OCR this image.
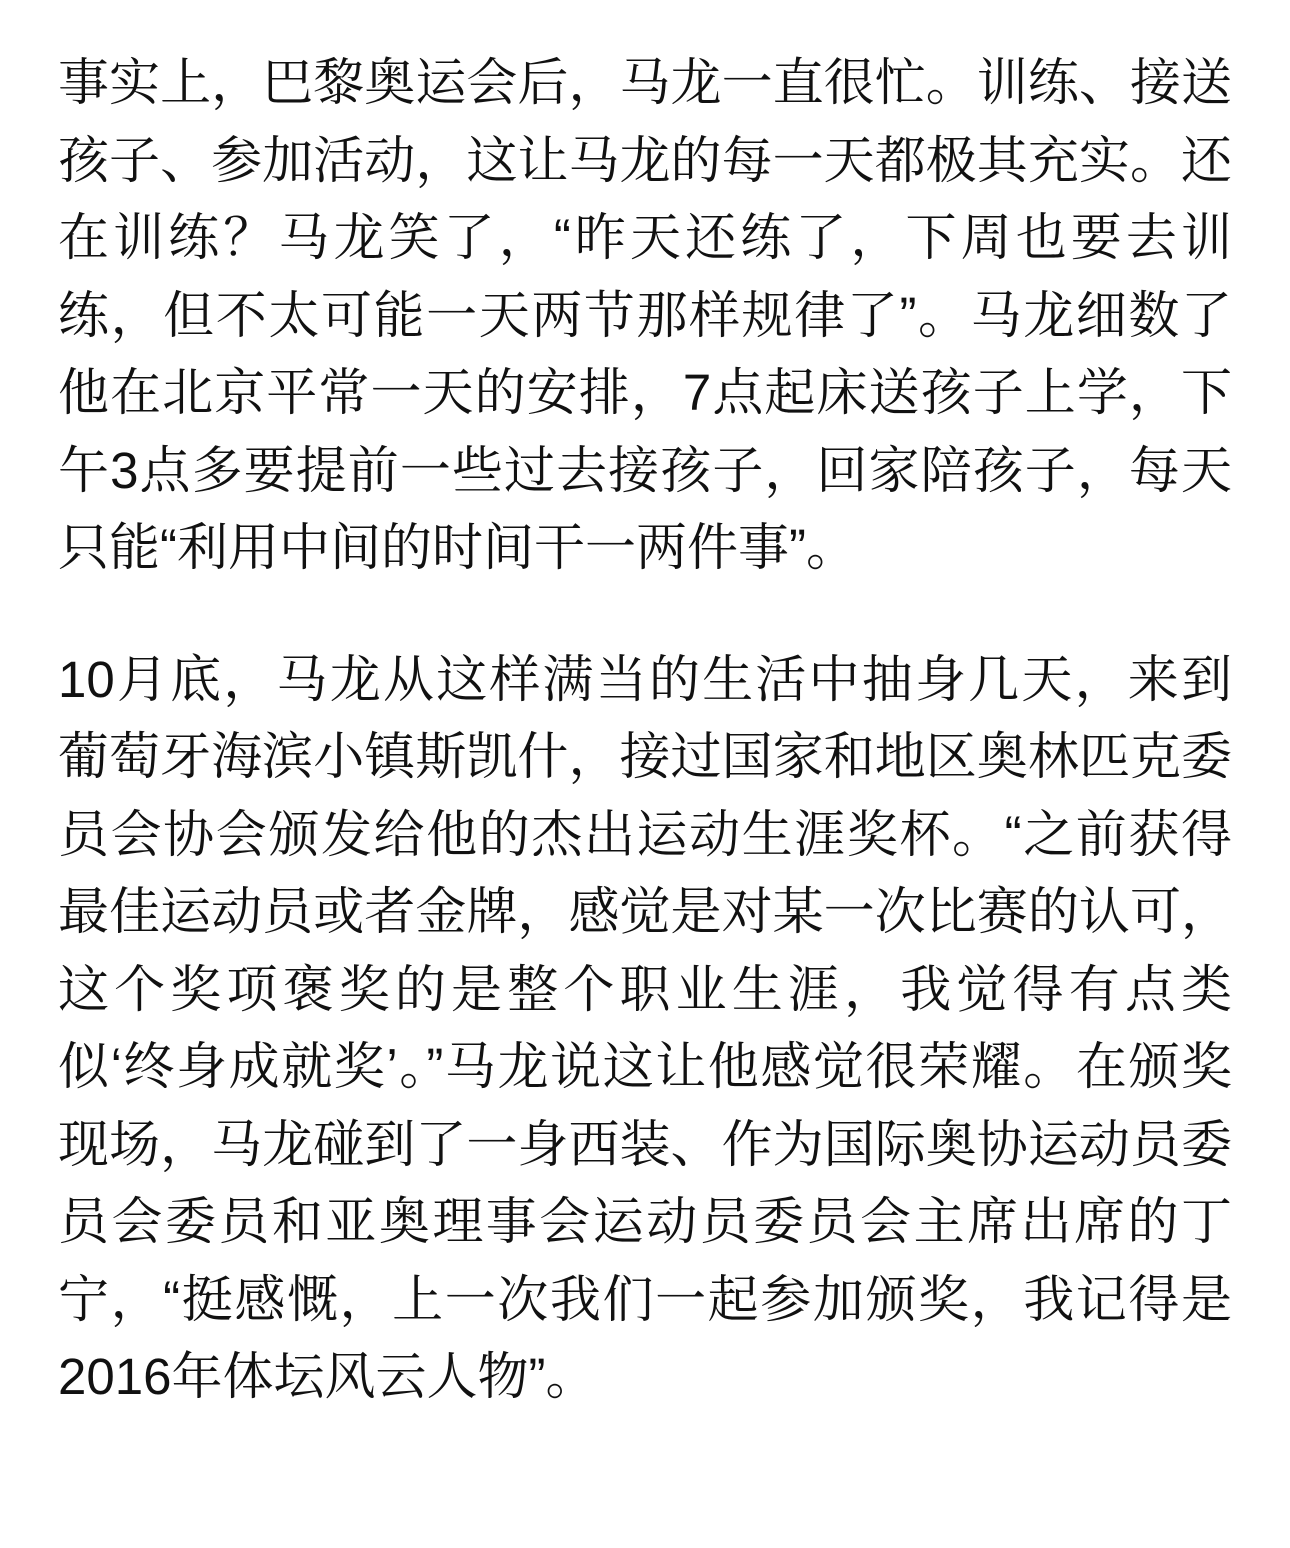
事实上，巴黎奥运会后，马龙一直很忙。训练、接送孩子、参加活动，这让马龙的每一天都极其充实。还在训练？马龙笑了，“昨天还练了，下周也要去训练，但不太可能一天两节那样规律了”。马龙细数了他在北京平常一天的安排，7点起床送孩子上学，下午3点多要提前一些过去接孩子，回家陪孩子，每天只能“利用中间的时间干一两件事”。

10月底，马龙从这样满当的生活中抽身几天，来到葡萄牙海滨小镇斯凯什，接过国家和地区奥林匹克委员会协会颁发给他的杰出运动生涯奖杯。“之前获得最佳运动员或者金牌，感觉是对某一次比赛的认可，这个奖项褒奖的是整个职业生涯，我觉得有点类似‘终身成就奖’。”马龙说这让他感觉很荣耀。在颁奖现场，马龙碰到了一身西装、作为国际奥协运动员委员会委员和亚奥理事会运动员委员会主席出席的丁宁，“挺感慨，上一次我们一起参加颁奖，我记得是2016年体坛风云人物”。
